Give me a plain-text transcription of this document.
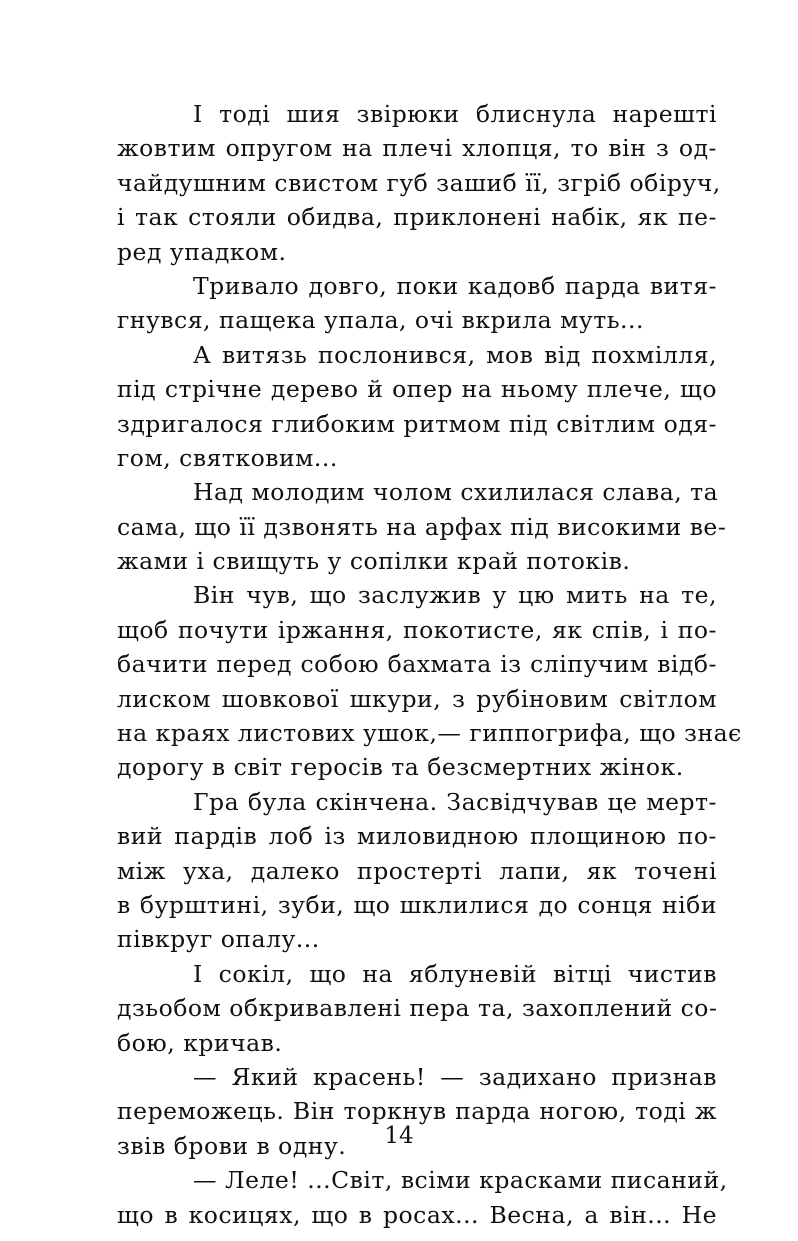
І тоді шия звірюки блиснула нарешті
жовтим опругом на плечі хлопця, то він з од-
чайдушним свистом губ зашиб її, згріб обіруч,
і так стояли обидва, приклонені набік, як пе-
ред упадком.
Тривало довго, поки кадовб парда витя-
гнувся, пащека упала, очі вкрила муть...
А витязь послонився, мов від похмілля,
під стрічне дерево й опер на ньому плече, що
здригалося глибоким ритмом під світлим одя-
гом, святковим...
Над молодим чолом схилилася слава, та
сама, що її дзвонять на арфах під високими ве-
жами і свищуть у сопілки край потоків.
Він чув, що заслужив у цю мить на те,
щоб почути іржання, покотисте, як спів, і по-
бачити перед собою бахмата із сліпучим відб-
лиском шовкової шкури, з рубіновим світлом
на краях листових ушок,— гиппогрифа, що знає
дорогу в світ геросів та безсмертних жінок.
Гра була скінчена. Засвідчував це мерт-
вий пардів лоб із миловидною площиною по-
між уха, далеко простерті лапи, як точені
в бурштині, зуби, що шклилися до сонця ніби
півкруг опалу...
І сокіл, що на яблуневій вітці чистив
дзьобом обкривавлені пера та, захоплений со-
бою, кричав.
— Який красень! — задихано признав
переможець. Він торкнув парда ногою, тоді ж
звів брови в одну.
— Леле! ...Світ, всіми красками писаний,
що в косицях, що в росах... Весна, а він... Не
14
